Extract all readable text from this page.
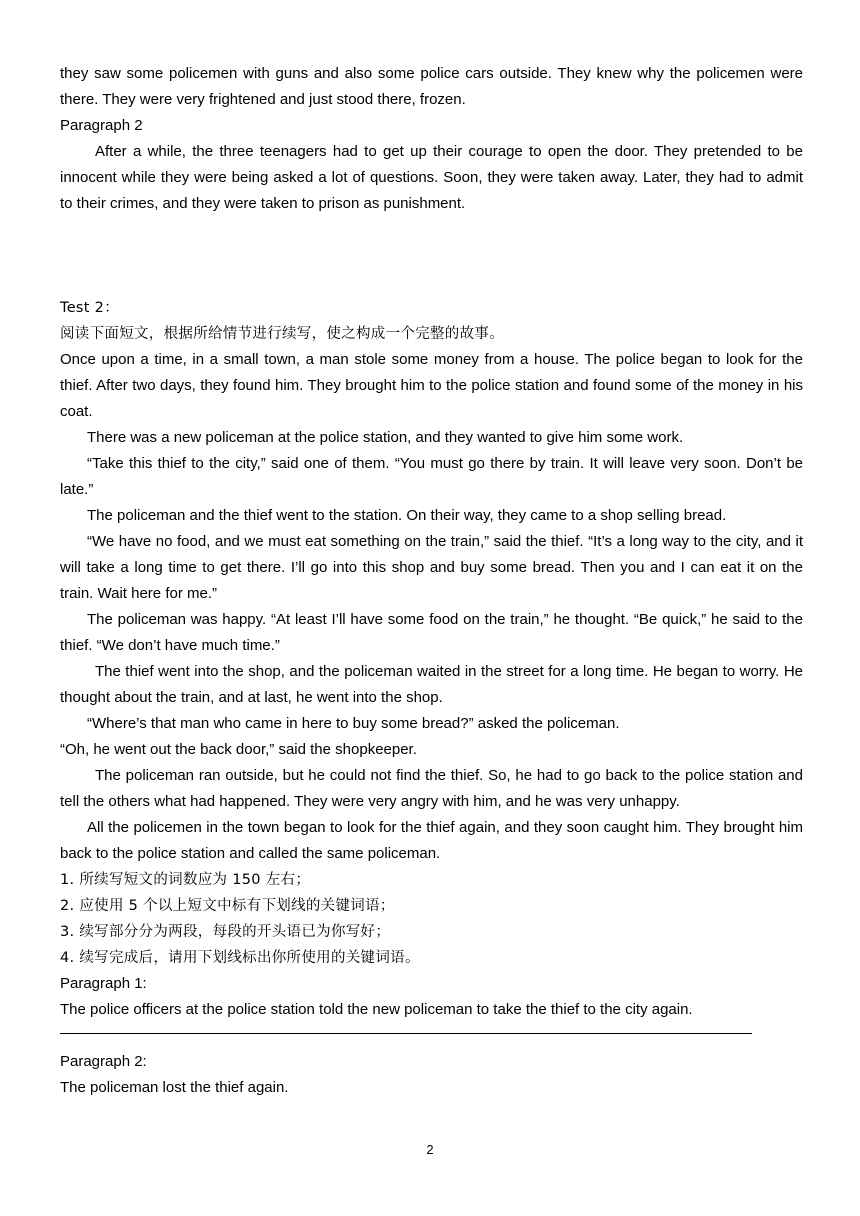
they saw some policemen with guns and also some police cars outside. They knew why the policemen were there. They were very frightened and just stood there, frozen.

Paragraph 2

After a while, the three teenagers had to get up their courage to open the door. They pretended to be innocent while they were being asked a lot of questions. Soon, they were taken away. Later, they had to admit to their crimes, and they were taken to prison as punishment.

Test 2：

阅读下面短文，根据所给情节进行续写，使之构成一个完整的故事。

Once upon a time, in a small town, a man stole some money from a house. The police began to look for the thief. After two days, they found him. They brought him to the police station and found some of the money in his coat.

There was a new policeman at the police station, and they wanted to give him some work.

“Take this thief to the city,” said one of them. “You must go there by train. It will leave very soon. Don’t be late.”

The policeman and the thief went to the station. On their way, they came to a shop selling bread.

“We have no food, and we must eat something on the train,” said the thief. “It’s a long way to the city, and it will take a long time to get there. I’ll go into this shop and buy some bread. Then you and I can eat it on the train. Wait here for me.”

The policeman was happy. “At least I’ll have some food on the train,” he thought. “Be quick,” he said to the thief. “We don’t have much time.”

The thief went into the shop, and the policeman waited in the street for a long time. He began to worry. He thought about the train, and at last, he went into the shop.

“Where’s that man who came in here to buy some bread?” asked the policeman.

“Oh, he went out the back door,” said the shopkeeper.

The policeman ran outside, but he could not find the thief. So, he had to go back to the police station and tell the others what had happened. They were very angry with him, and he was very unhappy.

All the policemen in the town began to look for the thief again, and they soon caught him. They brought him back to the police station and called the same policeman.

1. 所续写短文的词数应为 150 左右；

2. 应使用 5 个以上短文中标有下划线的关键词语；

3. 续写部分分为两段，每段的开头语已为你写好；

4. 续写完成后，请用下划线标出你所使用的关键词语。

Paragraph 1:

The police officers at the police station told the new policeman to take the thief to the city again.

Paragraph 2:

The policeman lost the thief again.

2
